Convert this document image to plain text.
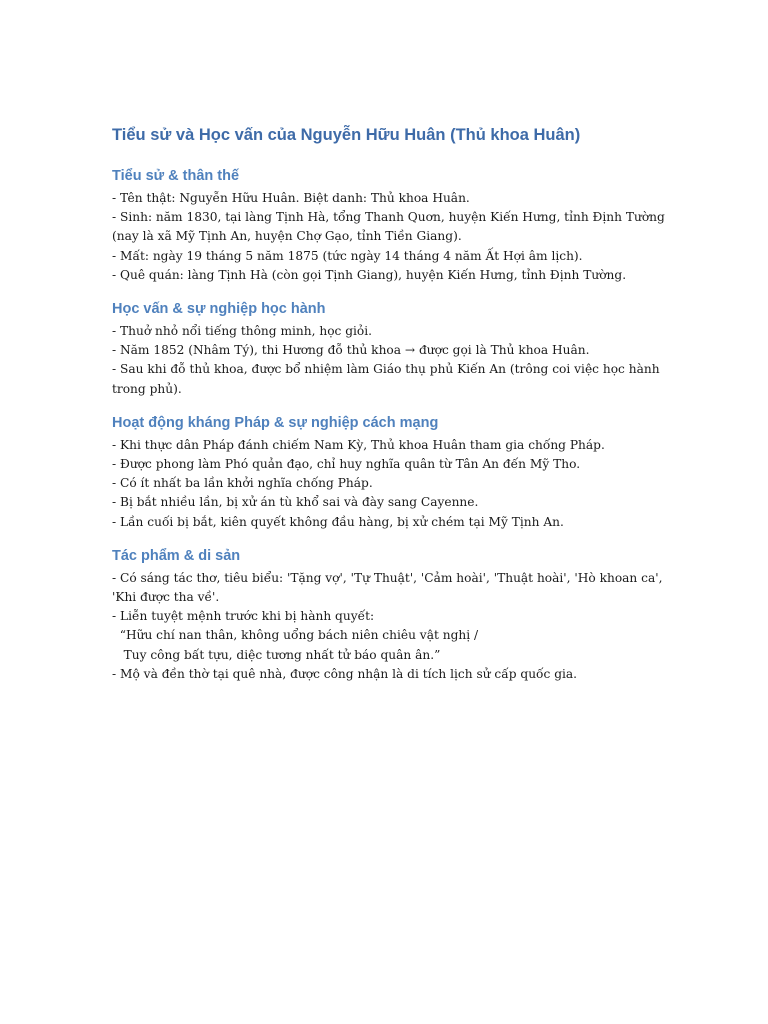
Tiểu sử và Học vấn của Nguyễn Hữu Huân (Thủ khoa Huân)
Tiểu sử & thân thế
- Tên thật: Nguyễn Hữu Huân. Biệt danh: Thủ khoa Huân.
- Sinh: năm 1830, tại làng Tịnh Hà, tổng Thanh Quơn, huyện Kiến Hưng, tỉnh Định Tường
(nay là xã Mỹ Tịnh An, huyện Chợ Gạo, tỉnh Tiền Giang).
- Mất: ngày 19 tháng 5 năm 1875 (tức ngày 14 tháng 4 năm Ất Hợi âm lịch).
- Quê quán: làng Tịnh Hà (còn gọi Tịnh Giang), huyện Kiến Hưng, tỉnh Định Tường.
Học vấn & sự nghiệp học hành
- Thuở nhỏ nổi tiếng thông minh, học giỏi.
- Năm 1852 (Nhâm Tý), thi Hương đỗ thủ khoa → được gọi là Thủ khoa Huân.
- Sau khi đỗ thủ khoa, được bổ nhiệm làm Giáo thụ phủ Kiến An (trông coi việc học hành
trong phủ).
Hoạt động kháng Pháp & sự nghiệp cách mạng
- Khi thực dân Pháp đánh chiếm Nam Kỳ, Thủ khoa Huân tham gia chống Pháp.
- Được phong làm Phó quản đạo, chỉ huy nghĩa quân từ Tân An đến Mỹ Tho.
- Có ít nhất ba lần khởi nghĩa chống Pháp.
- Bị bắt nhiều lần, bị xử án tù khổ sai và đày sang Cayenne.
- Lần cuối bị bắt, kiên quyết không đầu hàng, bị xử chém tại Mỹ Tịnh An.
Tác phẩm & di sản
- Có sáng tác thơ, tiêu biểu: 'Tặng vợ', 'Tự Thuật', 'Cảm hoài', 'Thuật hoài', 'Hò khoan ca',
'Khi được tha về'.
- Liễn tuyệt mệnh trước khi bị hành quyết:
“Hữu chí nan thân, không uổng bách niên chiêu vật nghị /
Tuy công bất tựu, diệc tương nhất tử báo quân ân.”
- Mộ và đền thờ tại quê nhà, được công nhận là di tích lịch sử cấp quốc gia.
